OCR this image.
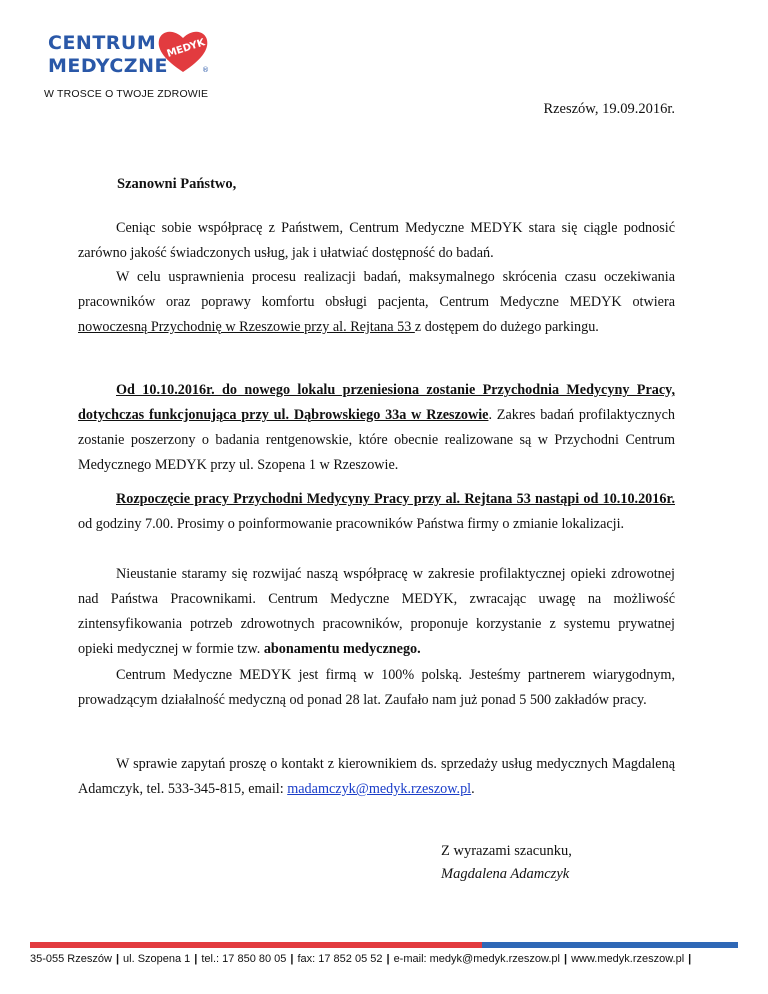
CENTRUM
MEDYCZNE
MEDYK
®
W TROSCE O TWOJE ZDROWIE
Rzeszów, 19.09.2016r.
Szanowni Państwo,

Ceniąc sobie współpracę z Państwem, Centrum Medyczne MEDYK stara się ciągle podnosić zarówno jakość świadczonych usług, jak i ułatwiać dostępność do badań.

W celu usprawnienia procesu realizacji badań, maksymalnego skrócenia czasu oczekiwania pracowników oraz poprawy komfortu obsługi pacjenta, Centrum Medyczne MEDYK otwiera nowoczesną Przychodnię w Rzeszowie przy al. Rejtana 53 z dostępem do dużego parkingu.

Od 10.10.2016r. do nowego lokalu przeniesiona zostanie Przychodnia Medycyny Pracy, dotychczas funkcjonująca przy ul. Dąbrowskiego 33a w Rzeszowie. Zakres badań profilaktycznych zostanie poszerzony o badania rentgenowskie, które obecnie realizowane są w Przychodni Centrum Medycznego MEDYK przy ul. Szopena 1 w Rzeszowie.

Rozpoczęcie pracy Przychodni Medycyny Pracy przy al. Rejtana 53 nastąpi od 10.10.2016r. od godziny 7.00. Prosimy o poinformowanie pracowników Państwa firmy o zmianie lokalizacji.

Nieustanie staramy się rozwijać naszą współpracę w zakresie profilaktycznej opieki zdrowotnej nad Państwa Pracownikami. Centrum Medyczne MEDYK, zwracając uwagę na możliwość zintensyfikowania potrzeb zdrowotnych pracowników, proponuje korzystanie z systemu prywatnej opieki medycznej w formie tzw. abonamentu medycznego.

Centrum Medyczne MEDYK jest firmą w 100% polską. Jesteśmy partnerem wiarygodnym, prowadzącym działalność medyczną od ponad 28 lat. Zaufało nam już ponad 5 500 zakładów pracy.

W sprawie zapytań proszę o kontakt z kierownikiem ds. sprzedaży usług medycznych Magdaleną Adamczyk, tel. 533-345-815, email: madamczyk@medyk.rzeszow.pl.

Z wyrazami szacunku,
Magdalena Adamczyk
35-055 Rzeszów | ul. Szopena 1 | tel.: 17 850 80 05 | fax: 17 852 05 52 | e-mail: medyk@medyk.rzeszow.pl | www.medyk.rzeszow.pl |
